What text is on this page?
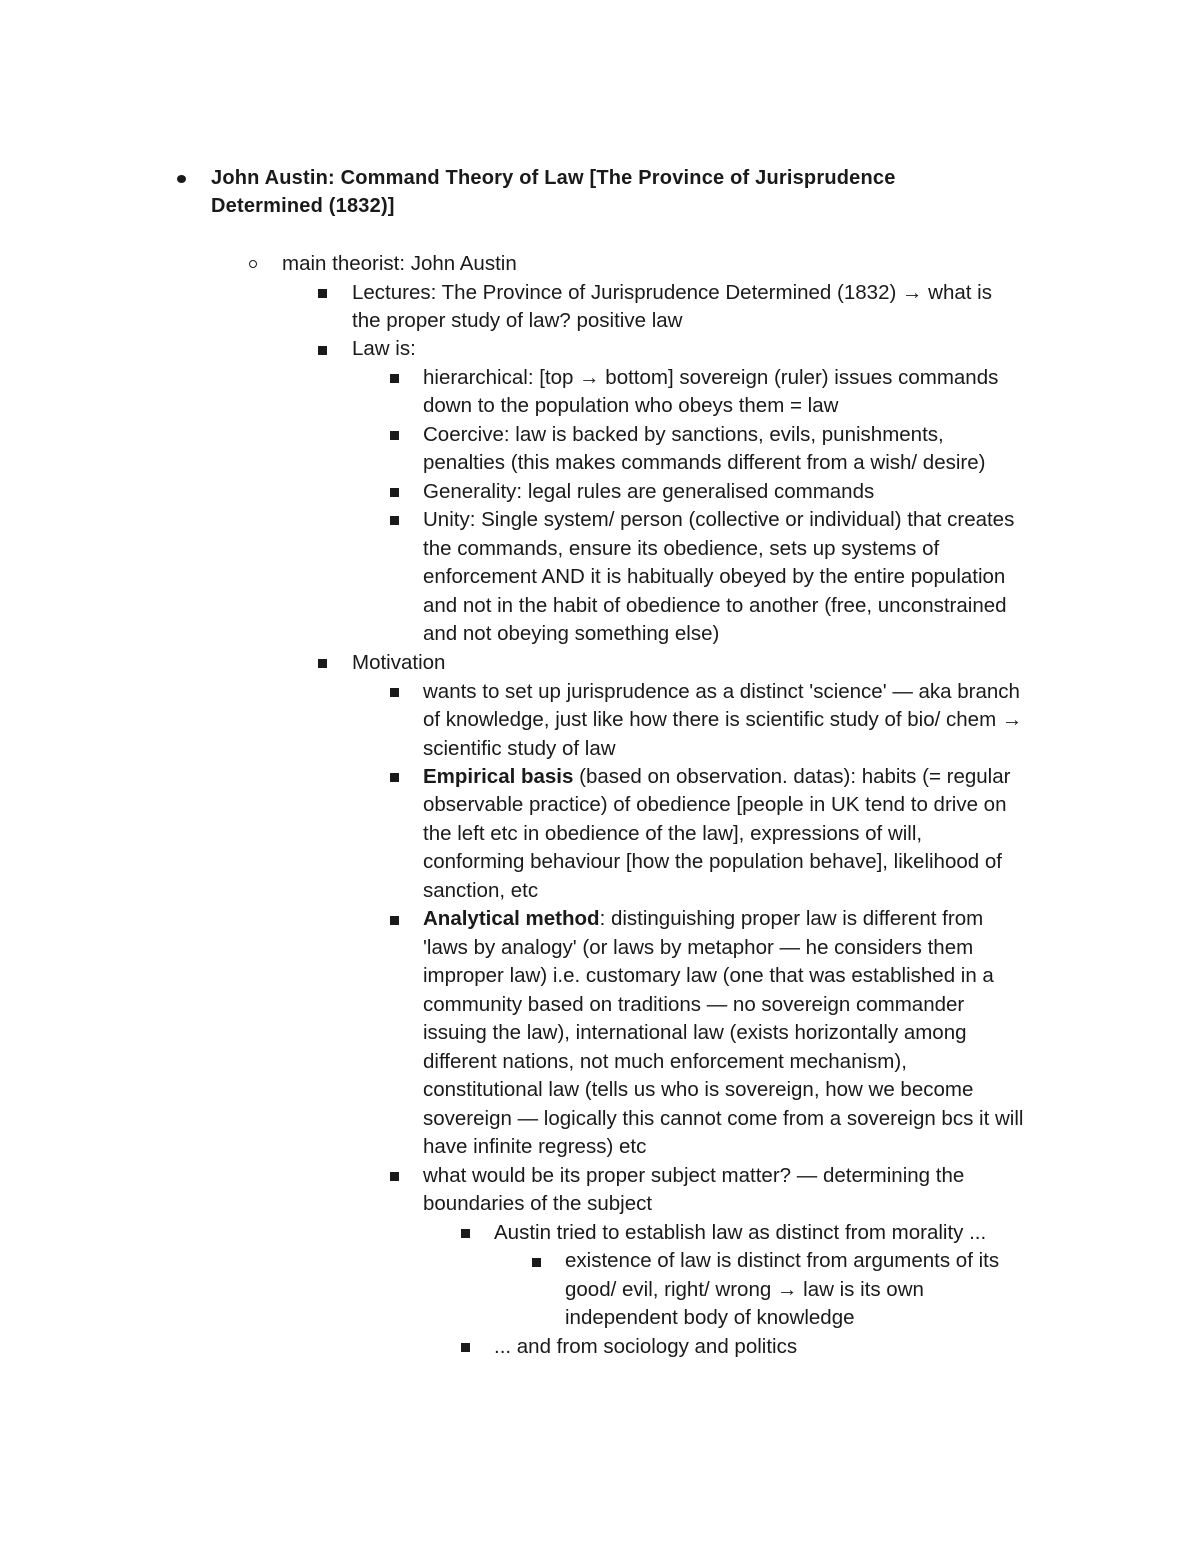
John Austin: Command Theory of Law [The Province of Jurisprudence
Determined (1832)]
main theorist: John Austin
Lectures: The Province of Jurisprudence Determined (1832) → what is
the proper study of law? positive law
Law is:
hierarchical: [top → bottom] sovereign (ruler) issues commands
down to the population who obeys them = law
Coercive: law is backed by sanctions, evils, punishments,
penalties (this makes commands different from a wish/ desire)
Generality: legal rules are generalised commands
Unity: Single system/ person (collective or individual) that creates
the commands, ensure its obedience, sets up systems of
enforcement AND it is habitually obeyed by the entire population
and not in the habit of obedience to another (free, unconstrained
and not obeying something else)
Motivation
wants to set up jurisprudence as a distinct 'science' — aka branch
of knowledge, just like how there is scientific study of bio/ chem →
scientific study of law
Empirical basis (based on observation. datas): habits (= regular
observable practice) of obedience [people in UK tend to drive on
the left etc in obedience of the law], expressions of will,
conforming behaviour [how the population behave], likelihood of
sanction, etc
Analytical method: distinguishing proper law is different from
'laws by analogy' (or laws by metaphor — he considers them
improper law) i.e. customary law (one that was established in a
community based on traditions — no sovereign commander
issuing the law), international law (exists horizontally among
different nations, not much enforcement mechanism),
constitutional law (tells us who is sovereign, how we become
sovereign — logically this cannot come from a sovereign bcs it will
have infinite regress) etc
what would be its proper subject matter? — determining the
boundaries of the subject
Austin tried to establish law as distinct from morality ...
existence of law is distinct from arguments of its
good/ evil, right/ wrong → law is its own
independent body of knowledge
... and from sociology and politics
